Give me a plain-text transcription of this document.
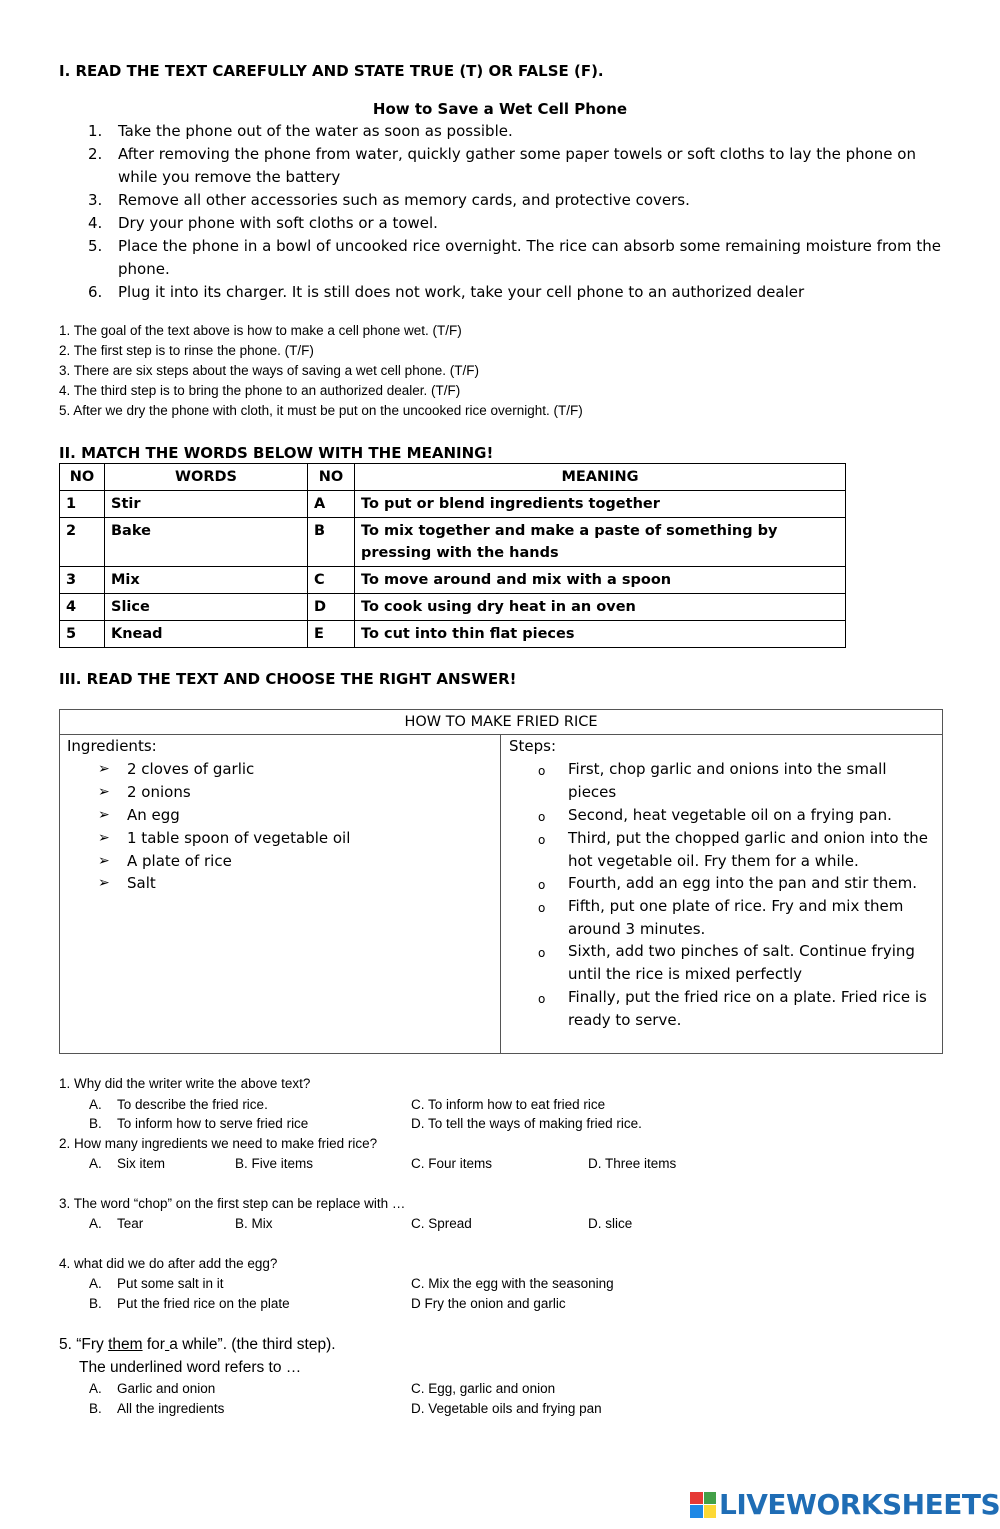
I. READ THE TEXT CAREFULLY AND STATE TRUE (T) OR FALSE (F).
How to Save a Wet Cell Phone
1.	Take the phone out of the water as soon as possible.
2.	After removing the phone from water, quickly gather some paper towels or soft cloths to lay the phone on while you remove the battery
3.	Remove all other accessories such as memory cards, and protective covers.
4.	Dry your phone with soft cloths or a towel.
5.	Place the phone in a bowl of uncooked rice overnight. The rice can absorb some remaining moisture from the phone.
6.	Plug it into its charger. It is still does not work, take your cell phone to an authorized dealer
1. The goal of the text above is how to make a cell phone wet. (T/F)
2. The first step is to rinse the phone. (T/F)
3. There are six steps about the ways of saving a wet cell phone. (T/F)
4. The third step is to bring the phone to an authorized dealer. (T/F)
5. After we dry the phone with cloth, it must be put on the uncooked rice overnight. (T/F)
II. MATCH THE WORDS BELOW WITH THE MEANING!
NO	WORDS	NO	MEANING
1	Stir	A	To put or blend ingredients together
2	Bake	B	To mix together and make a paste of something by pressing with the hands
3	Mix	C	To move around and mix with a spoon
4	Slice	D	To cook using dry heat in an oven
5	Knead	E	To cut into thin flat pieces
III. READ THE TEXT AND CHOOSE THE RIGHT ANSWER!
HOW TO MAKE FRIED RICE
Ingredients:
➢ 2 cloves of garlic
➢ 2 onions
➢ An egg
➢ 1 table spoon of vegetable oil
➢ A plate of rice
➢ Salt
Steps:
o First, chop garlic and onions into the small pieces
o Second, heat vegetable oil on a frying pan.
o Third, put the chopped garlic and onion into the hot vegetable oil. Fry them for a while.
o Fourth, add an egg into the pan and stir them.
o Fifth, put one plate of rice. Fry and mix them around 3 minutes.
o Sixth, add two pinches of salt. Continue frying until the rice is mixed perfectly
o Finally, put the fried rice on a plate. Fried rice is ready to serve.
1. Why did the writer write the above text?
A. To describe the fried rice.	C. To inform how to eat fried rice
B. To inform how to serve fried rice	D. To tell the ways of making fried rice.
2. How many ingredients we need to make fried rice?
A. Six item	B. Five items	C. Four items	D. Three items
3. The word “chop” on the first step can be replace with …
A. Tear	B. Mix	C. Spread	D. slice
4. what did we do after add the egg?
A. Put some salt in it	C. Mix the egg with the seasoning
B. Put the fried rice on the plate	D Fry the onion and garlic
5. “Fry them for a while”. (the third step).
The underlined word refers to …
A. Garlic and onion	C. Egg, garlic and onion
B. All the ingredients	D. Vegetable oils and frying pan
LIVEWORKSHEETS
